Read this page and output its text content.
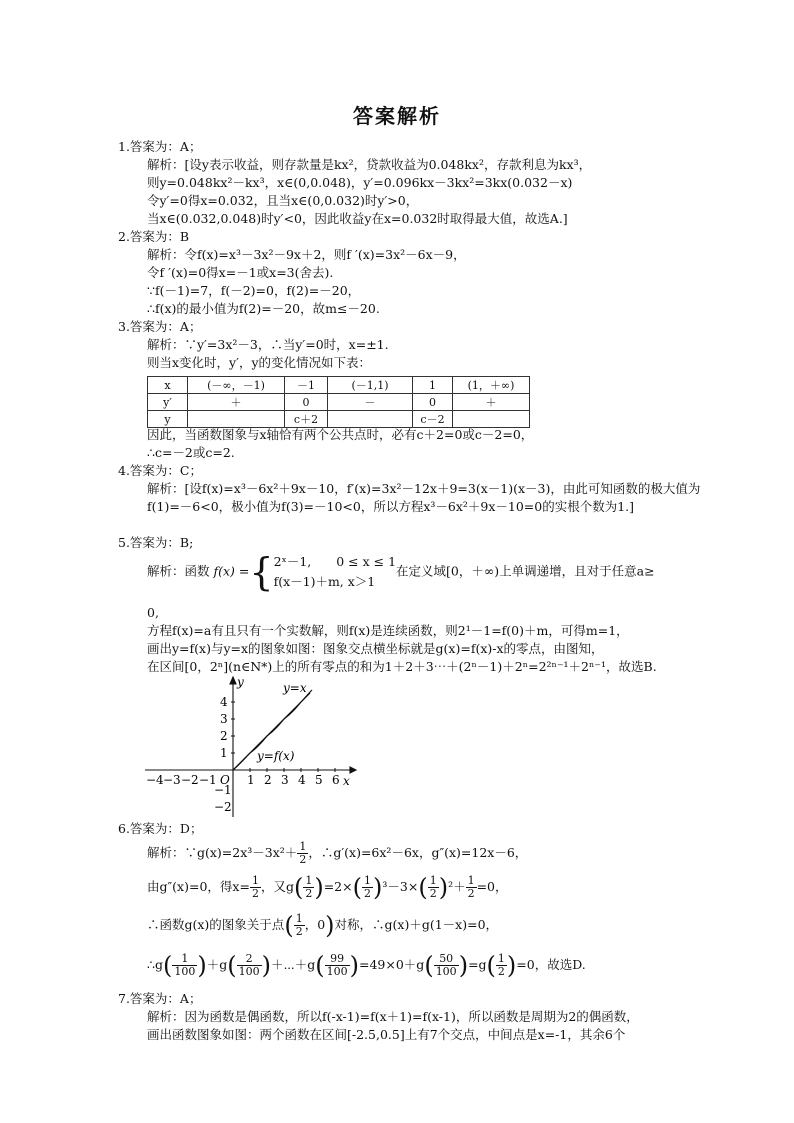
答案解析
1.答案为：A；
解析：[设y表示收益，则存款量是kx²，贷款收益为0.048kx²，存款利息为kx³，
则y=0.048kx²－kx³，x∈(0,0.048)，y′=0.096kx－3kx²=3kx(0.032－x)
令y′=0得x=0.032，且当x∈(0,0.032)时y′>0，
当x∈(0.032,0.048)时y′<0，因此收益y在x=0.032时取得最大值，故选A.]
2.答案为：B
解析：令f(x)=x³－3x²－9x＋2，则f ′(x)=3x²－6x－9，
令f ′(x)=0得x=－1或x=3(舍去).
∵f(－1)=7，f(－2)=0，f(2)=－20，
∴f(x)的最小值为f(2)=－20，故m≤－20.
3.答案为：A；
解析：∵y′=3x²－3，∴当y′=0时，x=±1.
则当x变化时，y′，y的变化情况如下表：
x	(－∞，－1)	－1	(－1,1)	1	(1，＋∞)
y′	＋	0	－	0	＋
y		c＋2		c－2	
因此，当函数图象与x轴恰有两个公共点时，必有c＋2=0或c－2=0，
∴c=－2或c=2.
4.答案为：C；
解析：[设f(x)=x³－6x²＋9x－10，f′(x)=3x²－12x＋9=3(x－1)(x－3)，由此可知函数的极大值为f(1)=－6<0，极小值为f(3)=－10<0，所以方程x³－6x²＋9x－10=0的实根个数为1.]
5.答案为：B;
解析：函数 f(x) ={ 2ˣ－1,　　0 ≤ x ≤ 1
f(x－1)＋m, x＞1
在定义域[0，＋∞)上单调递增，且对于任意a≥
0,
方程f(x)=a有且只有一个实数解，则f(x)是连续函数，则2¹－1=f(0)＋m，可得m=1，
画出y=f(x)与y=x的图象如图：图象交点横坐标就是g(x)=f(x)-x的零点，由图知，
在区间[0，2ⁿ](n∈N*)上的所有零点的和为1＋2＋3⋯＋(2ⁿ－1)＋2ⁿ=2²ⁿ⁻¹＋2ⁿ⁻¹，故选B.
y
x
−4 −3 −2 −1 O 1 2 3 4 5 6
4
3
2
1
−1
−2
y=x
y=f(x)
6.答案为：D；
解析：∵g(x)=2x³－3x²＋ $\frac{1}{2}$ ，∴g′(x)=6x²－6x，g″(x)=12x－6，
由g″(x)=0，得$x= \frac{1}{2}$ ，又$g( \frac{1}{2} )=2\times( \frac{1}{2} )^3-3\times( \frac{1}{2} )^2+ \frac{1}{2} =0$，
∴函数g(x)的图象关于点( $\frac{1}{2}$ ，0)对称，∴g(x)＋g(1－x)=0，
∴g( $\frac{1}{100} )+g( \frac{2}{100}$ )＋⋯＋g( $\frac{99}{100} )=49\times 0+g( \frac{50}{100} )=g( \frac{1}{2} )=0$，故选D.
7.答案为：A；
解析：因为函数是偶函数，所以f(-x-1)=f(x＋1)=f(x-1)，所以函数是周期为2的偶函数，
画出函数图象如图：两个函数在区间[-2.5,0.5]上有7个交点，中间点是x=-1，其余6个
